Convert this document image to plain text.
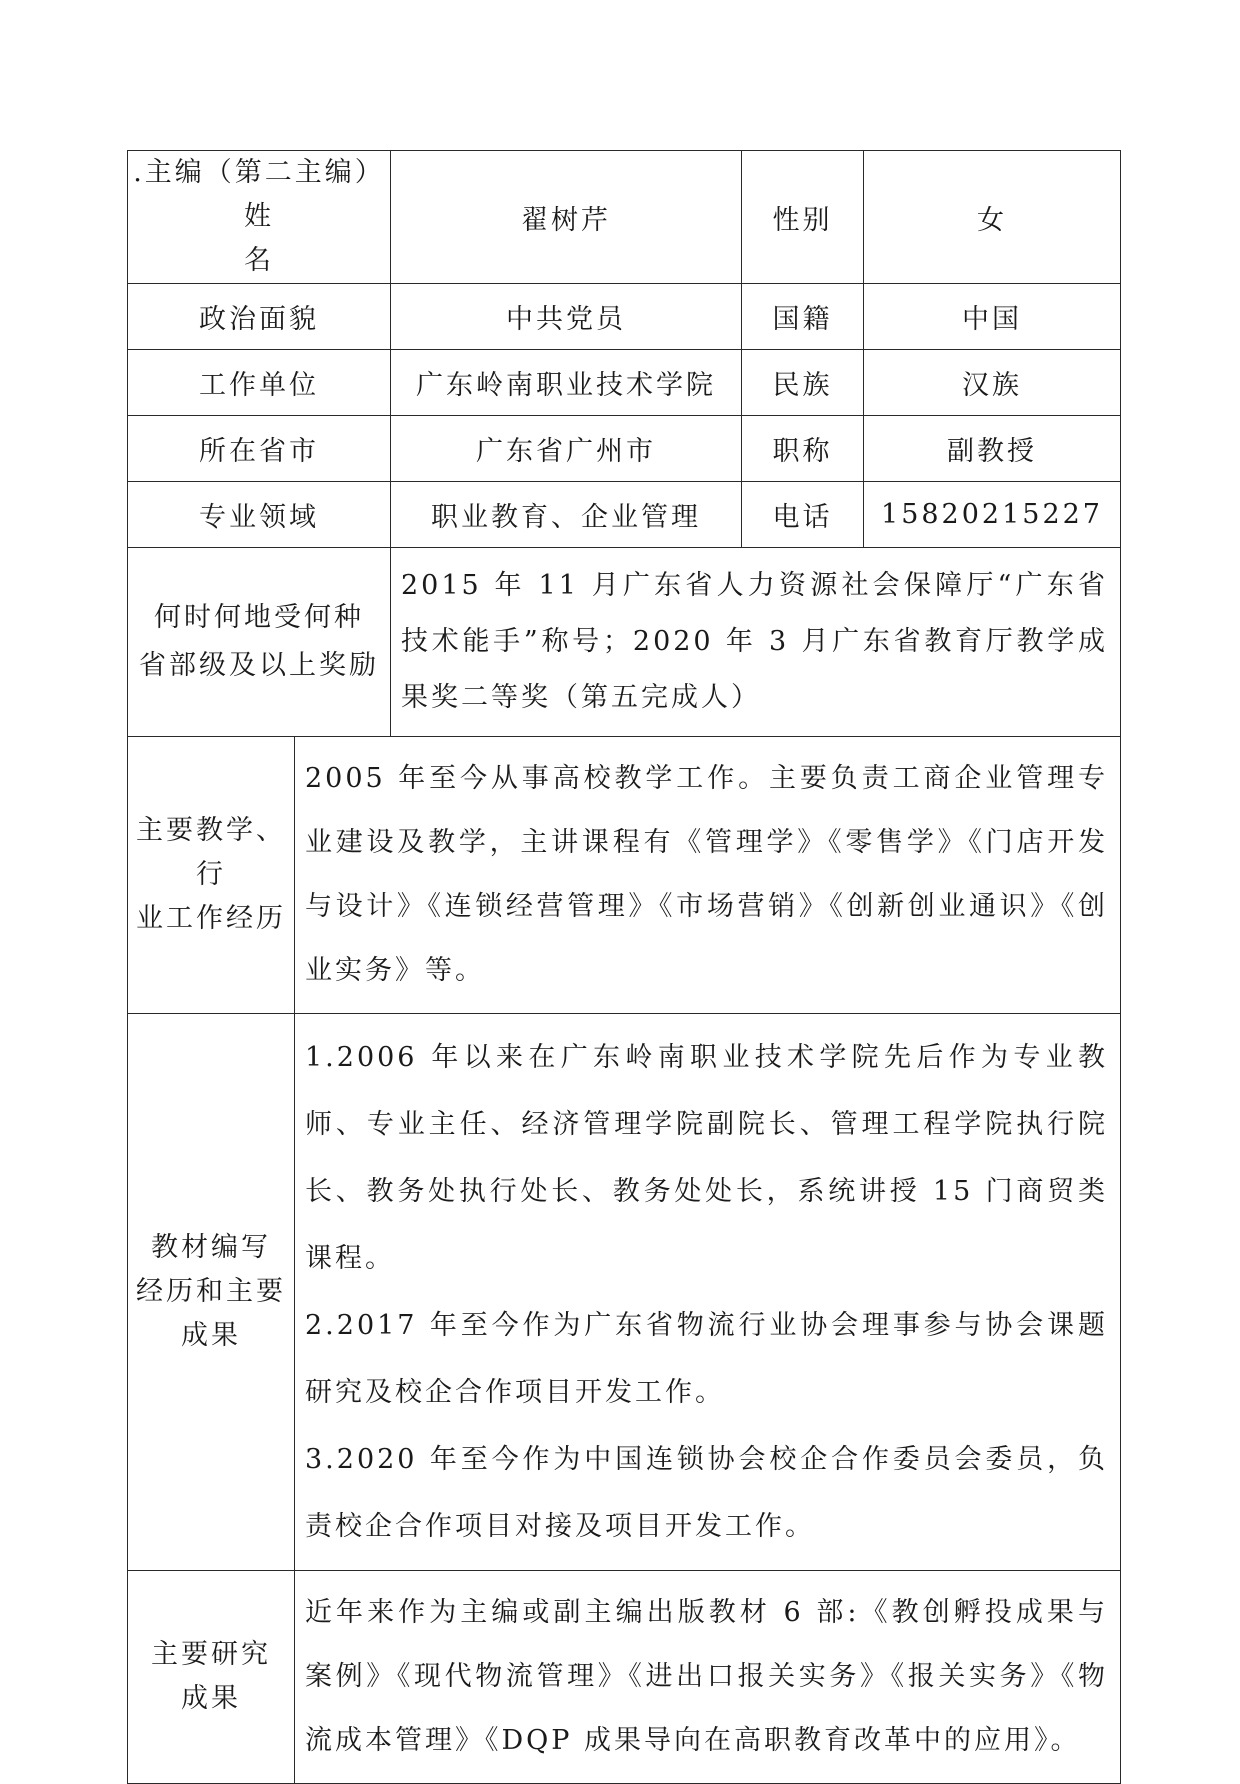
.主编（第二主编）
姓
名		翟树芹	性别	女
政治面貌		中共党员	国籍	中国
工作单位		广东岭南职业技术学院	民族	汉族
所在省市		广东省广州市	职称	副教授
专业领域		职业教育、企业管理	电话	15820215227

何时何地受何种
省部级及以上奖励		2015 年 11 月广东省人力资源社会保障厅“广东省技术能手”称号；2020 年 3 月广东省教育厅教学成果奖二等奖（第五完成人）		

主要教学、行
业工作经历	2005 年至今从事高校教学工作。主要负责工商企业管理专业建设及教学，主讲课程有《管理学》《零售学》《门店开发与设计》《连锁经营管理》《市场营销》《创新创业通识》《创业实务》等。			

教材编写
经历和主要
成果	1.2006 年以来在广东岭南职业技术学院先后作为专业教师、专业主任、经济管理学院副院长、管理工程学院执行院长、教务处执行处长、教务处处长，系统讲授 15 门商贸类课程。
2.2017 年至今作为广东省物流行业协会理事参与协会课题研究及校企合作项目开发工作。
3.2020 年至今作为中国连锁协会校企合作委员会委员，负责校企合作项目对接及项目开发工作。			

主要研究
成果	近年来作为主编或副主编出版教材 6 部:《教创孵投成果与案例》《现代物流管理》《进出口报关实务》《报关实务》《物流成本管理》《DQP 成果导向在高职教育改革中的应用》。			
